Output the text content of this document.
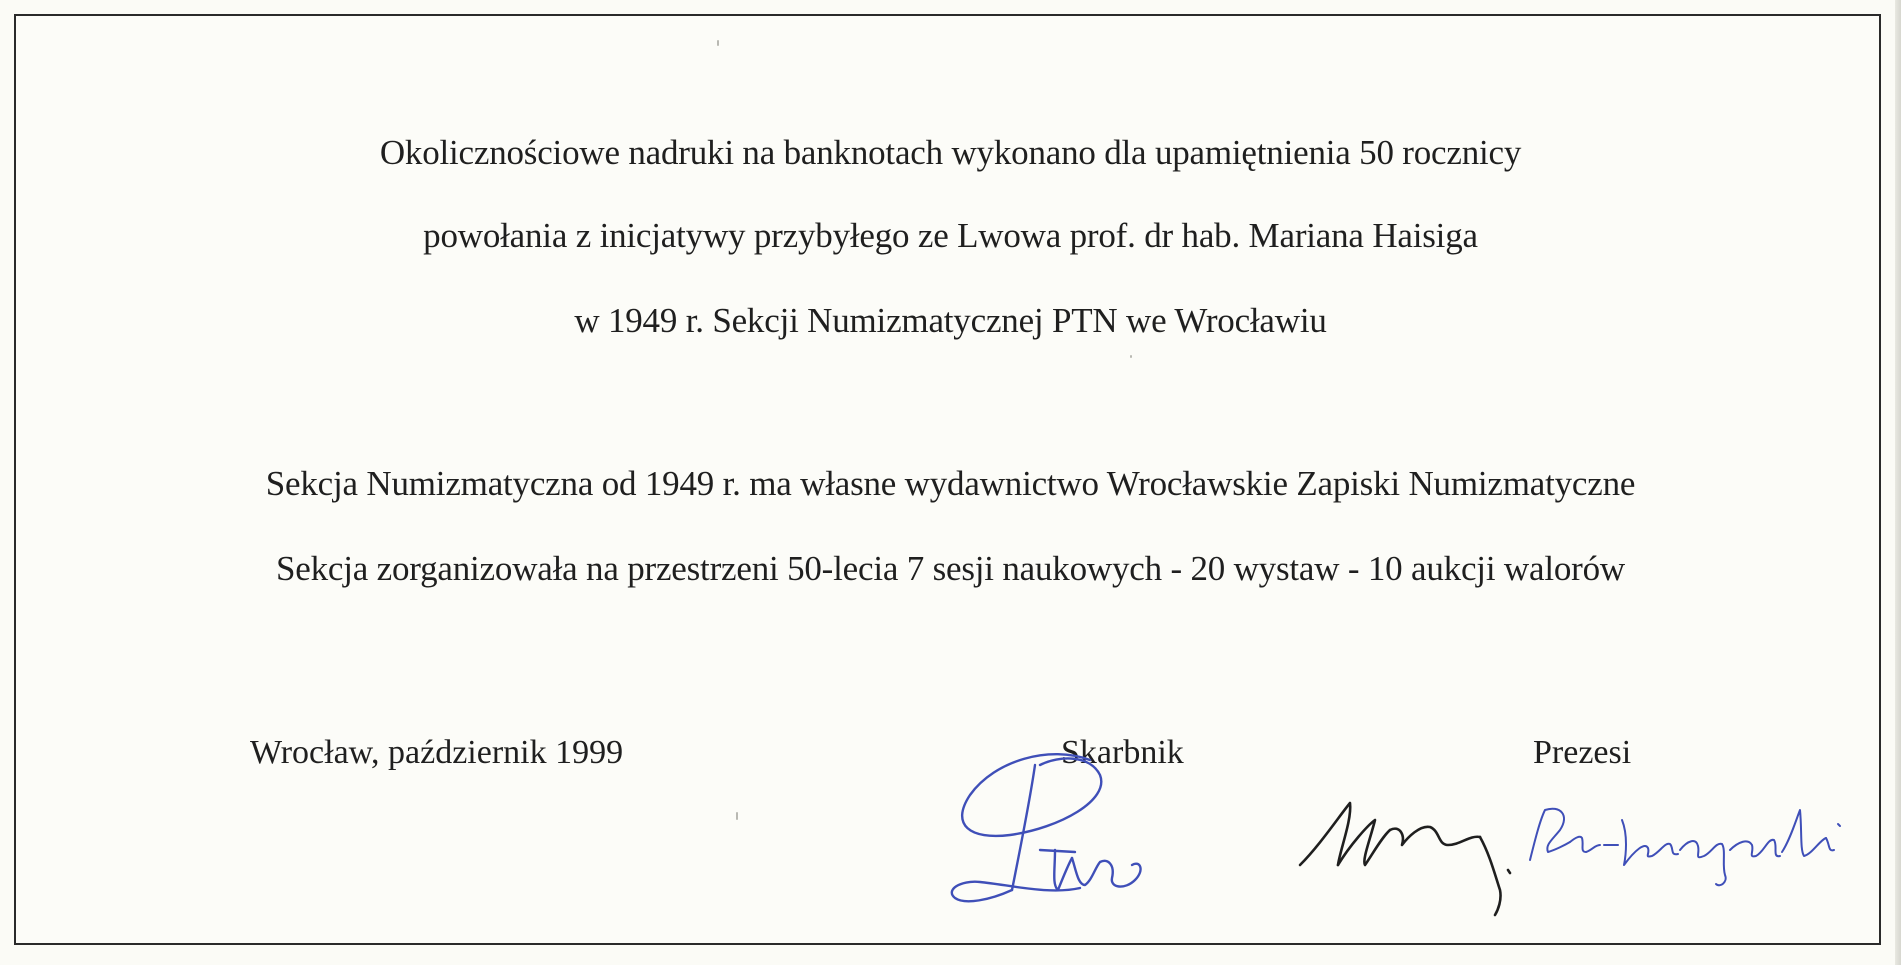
Okolicznościowe nadruki na banknotach wykonano dla upamiętnienia 50 rocznicy
powołania z inicjatywy przybyłego ze Lwowa prof. dr hab. Mariana Haisiga
w 1949 r. Sekcji Numizmatycznej PTN we Wrocławiu
Sekcja Numizmatyczna od 1949 r. ma własne wydawnictwo Wrocławskie Zapiski Numizmatyczne
Sekcja zorganizowała na przestrzeni 50-lecia 7 sesji naukowych - 20 wystaw - 10 aukcji walorów
Wrocław, październik 1999	Skarbnik	Prezesi
